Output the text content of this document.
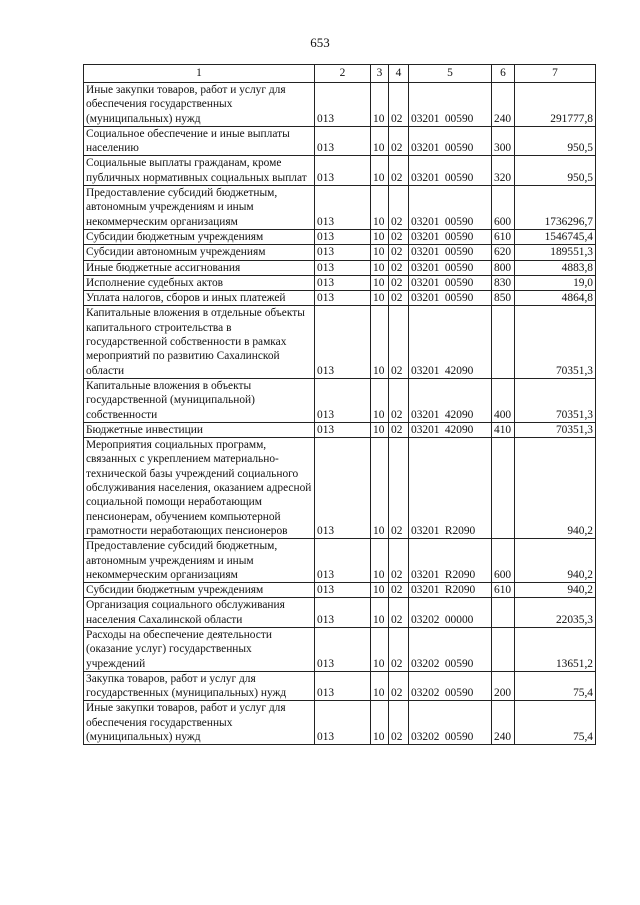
653
1	2	3	4	5	6	7
Иные закупки товаров, работ и услуг для обеспечения государственных (муниципальных) нужд	013	10	02	03201 00590	240	291777,8
Социальное обеспечение и иные выплаты населению	013	10	02	03201 00590	300	950,5
Социальные выплаты гражданам, кроме публичных нормативных социальных выплат	013	10	02	03201 00590	320	950,5
Предоставление субсидий бюджетным, автономным учреждениям и иным некоммерческим организациям	013	10	02	03201 00590	600	1736296,7
Субсидии бюджетным учреждениям	013	10	02	03201 00590	610	1546745,4
Субсидии автономным учреждениям	013	10	02	03201 00590	620	189551,3
Иные бюджетные ассигнования	013	10	02	03201 00590	800	4883,8
Исполнение судебных актов	013	10	02	03201 00590	830	19,0
Уплата налогов, сборов и иных платежей	013	10	02	03201 00590	850	4864,8
Капитальные вложения в отдельные объекты капитального строительства в государственной собственности в рамках мероприятий по развитию Сахалинской области	013	10	02	03201 42090		70351,3
Капитальные вложения в объекты государственной (муниципальной) собственности	013	10	02	03201 42090	400	70351,3
Бюджетные инвестиции	013	10	02	03201 42090	410	70351,3
Мероприятия социальных программ, связанных с укреплением материально-технической базы учреждений социального обслуживания населения, оказанием адресной социальной помощи неработающим пенсионерам, обучением компьютерной грамотности неработающих пенсионеров	013	10	02	03201 R2090		940,2
Предоставление субсидий бюджетным, автономным учреждениям и иным некоммерческим организациям	013	10	02	03201 R2090	600	940,2
Субсидии бюджетным учреждениям	013	10	02	03201 R2090	610	940,2
Организация социального обслуживания населения Сахалинской области	013	10	02	03202 00000		22035,3
Расходы на обеспечение деятельности (оказание услуг) государственных учреждений	013	10	02	03202 00590		13651,2
Закупка товаров, работ и услуг для государственных (муниципальных) нужд	013	10	02	03202 00590	200	75,4
Иные закупки товаров, работ и услуг для обеспечения государственных (муниципальных) нужд	013	10	02	03202 00590	240	75,4
